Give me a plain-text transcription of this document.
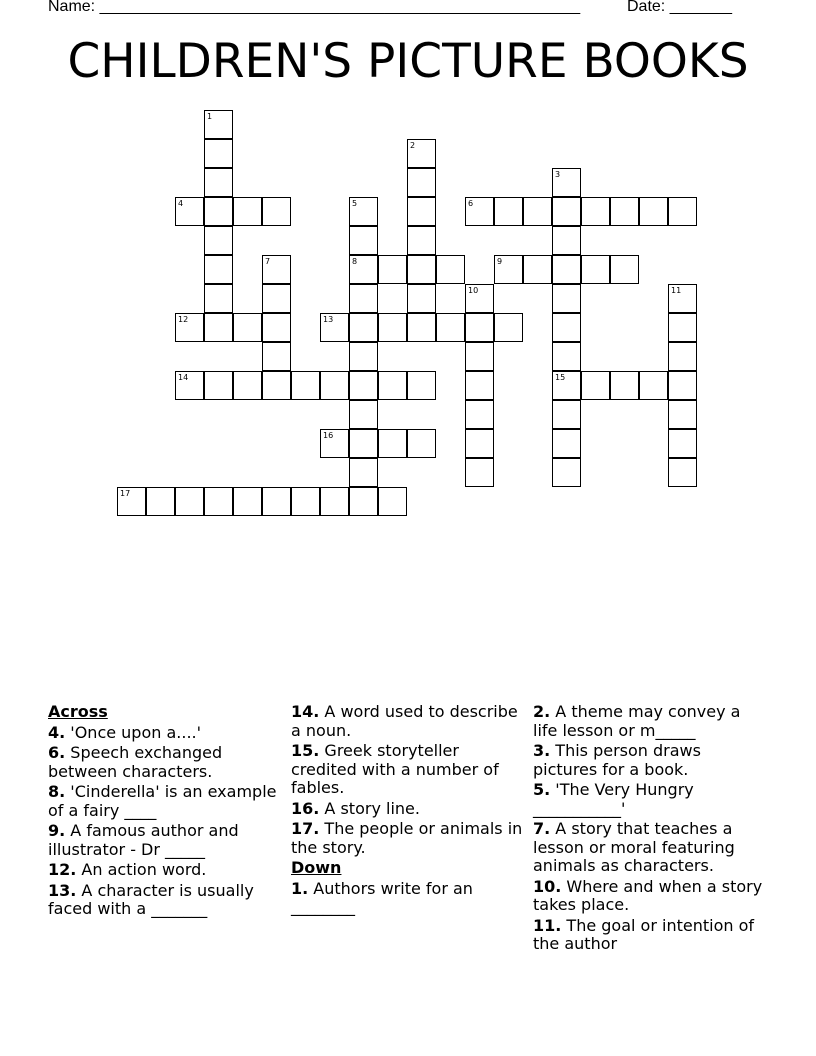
Name: ______________________________________________________	Date: _______
CHILDREN'S PICTURE BOOKS
1
2
3
4	5	6
7	8	9
10	11
12	13
14	15
16
17
Across
4. 'Once upon a....'
6. Speech exchanged between characters.
8. 'Cinderella' is an example of a fairy ____
9. A famous author and illustrator - Dr _____
12. An action word.
13. A character is usually faced with a _______
14. A word used to describe a noun.
15. Greek storyteller credited with a number of fables.
16. A story line.
17. The people or animals in the story.
Down
1. Authors write for an ________
2. A theme may convey a life lesson or m_____
3. This person draws pictures for a book.
5. 'The Very Hungry ___________'
7. A story that teaches a lesson or moral featuring animals as characters.
10. Where and when a story takes place.
11. The goal or intention of the author
